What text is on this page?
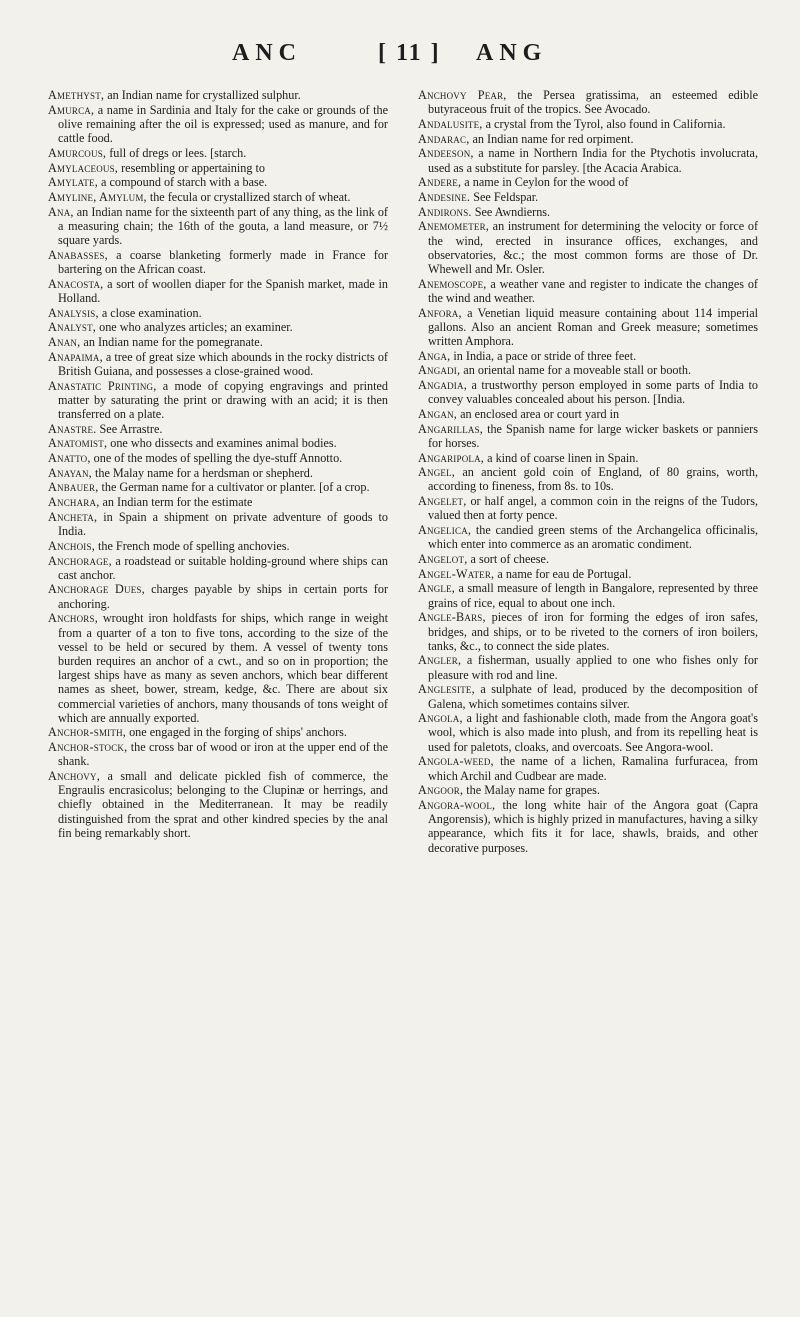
ANC	[ 11 ] ANG

Amethyst, an Indian name for crystallized sulphur.

Amurca, a name in Sardinia and Italy for the cake or grounds of the olive remaining after the oil is expressed; used as manure, and for cattle food.

Amurcous, full of dregs or lees. [starch.

Amylaceous, resembling or appertaining to

Amylate, a compound of starch with a base.

Amyline, Amylum, the fecula or crystallized starch of wheat.

Ana, an Indian name for the sixteenth part of any thing, as the link of a measuring chain; the 16th of the gouta, a land measure, or 7½ square yards.

Anabasses, a coarse blanketing formerly made in France for bartering on the African coast.

Anacosta, a sort of woollen diaper for the Spanish market, made in Holland.

Analysis, a close examination.

Analyst, one who analyzes articles; an examiner.

Anan, an Indian name for the pomegranate.

Anapaima, a tree of great size which abounds in the rocky districts of British Guiana, and possesses a close-grained wood.

Anastatic Printing, a mode of copying engravings and printed matter by saturating the print or drawing with an acid; it is then transferred on a plate.

Anastre. See Arrastre.

Anatomist, one who dissects and examines animal bodies.

Anatto, one of the modes of spelling the dye-stuff Annotto.

Anayan, the Malay name for a herdsman or shepherd.

Anbauer, the German name for a cultivator or planter. [of a crop.

Anchara, an Indian term for the estimate

Ancheta, in Spain a shipment on private adventure of goods to India.

Anchois, the French mode of spelling anchovies.

Anchorage, a roadstead or suitable holding-ground where ships can cast anchor.

Anchorage Dues, charges payable by ships in certain ports for anchoring.

Anchors, wrought iron holdfasts for ships, which range in weight from a quarter of a ton to five tons, according to the size of the vessel to be held or secured by them. A vessel of twenty tons burden requires an anchor of a cwt., and so on in proportion; the largest ships have as many as seven anchors, which bear different names as sheet, bower, stream, kedge, &c. There are about six commercial varieties of anchors, many thousands of tons weight of which are annually exported.

Anchor-smith, one engaged in the forging of ships' anchors.

Anchor-stock, the cross bar of wood or iron at the upper end of the shank.

Anchovy, a small and delicate pickled fish of commerce, the Engraulis encrasicolus; belonging to the Clupinæ or herrings, and chiefly obtained in the Mediterranean. It may be readily distinguished from the sprat and other kindred species by the anal fin being remarkably short.

Anchovy Pear, the Persea gratissima, an esteemed edible butyraceous fruit of the tropics. See Avocado.

Andalusite, a crystal from the Tyrol, also found in California.

Andarac, an Indian name for red orpiment.

Andeeson, a name in Northern India for the Ptychotis involucrata, used as a substitute for parsley. [the Acacia Arabica.

Andere, a name in Ceylon for the wood of

Andesine. See Feldspar.

Andirons. See Awndierns.

Anemometer, an instrument for determining the velocity or force of the wind, erected in insurance offices, exchanges, and observatories, &c.; the most common forms are those of Dr. Whewell and Mr. Osler.

Anemoscope, a weather vane and register to indicate the changes of the wind and weather.

Anfora, a Venetian liquid measure containing about 114 imperial gallons. Also an ancient Roman and Greek measure; sometimes written Amphora.

Anga, in India, a pace or stride of three feet.

Angadi, an oriental name for a moveable stall or booth.

Angadia, a trustworthy person employed in some parts of India to convey valuables concealed about his person. [India.

Angan, an enclosed area or court yard in

Angarillas, the Spanish name for large wicker baskets or panniers for horses.

Angaripola, a kind of coarse linen in Spain.

Angel, an ancient gold coin of England, of 80 grains, worth, according to fineness, from 8s. to 10s.

Angelet, or half angel, a common coin in the reigns of the Tudors, valued then at forty pence.

Angelica, the candied green stems of the Archangelica officinalis, which enter into commerce as an aromatic condiment.

Angelot, a sort of cheese.

Angel-Water, a name for eau de Portugal.

Angle, a small measure of length in Bangalore, represented by three grains of rice, equal to about one inch.

Angle-Bars, pieces of iron for forming the edges of iron safes, bridges, and ships, or to be riveted to the corners of iron boilers, tanks, &c., to connect the side plates.

Angler, a fisherman, usually applied to one who fishes only for pleasure with rod and line.

Anglesite, a sulphate of lead, produced by the decomposition of Galena, which sometimes contains silver.

Angola, a light and fashionable cloth, made from the Angora goat's wool, which is also made into plush, and from its repelling heat is used for paletots, cloaks, and overcoats. See Angora-wool.

Angola-weed, the name of a lichen, Ramalina furfuracea, from which Archil and Cudbear are made.

Angoor, the Malay name for grapes.

Angora-wool, the long white hair of the Angora goat (Capra Angorensis), which is highly prized in manufactures, having a silky appearance, which fits it for lace, shawls, braids, and other decorative purposes.
